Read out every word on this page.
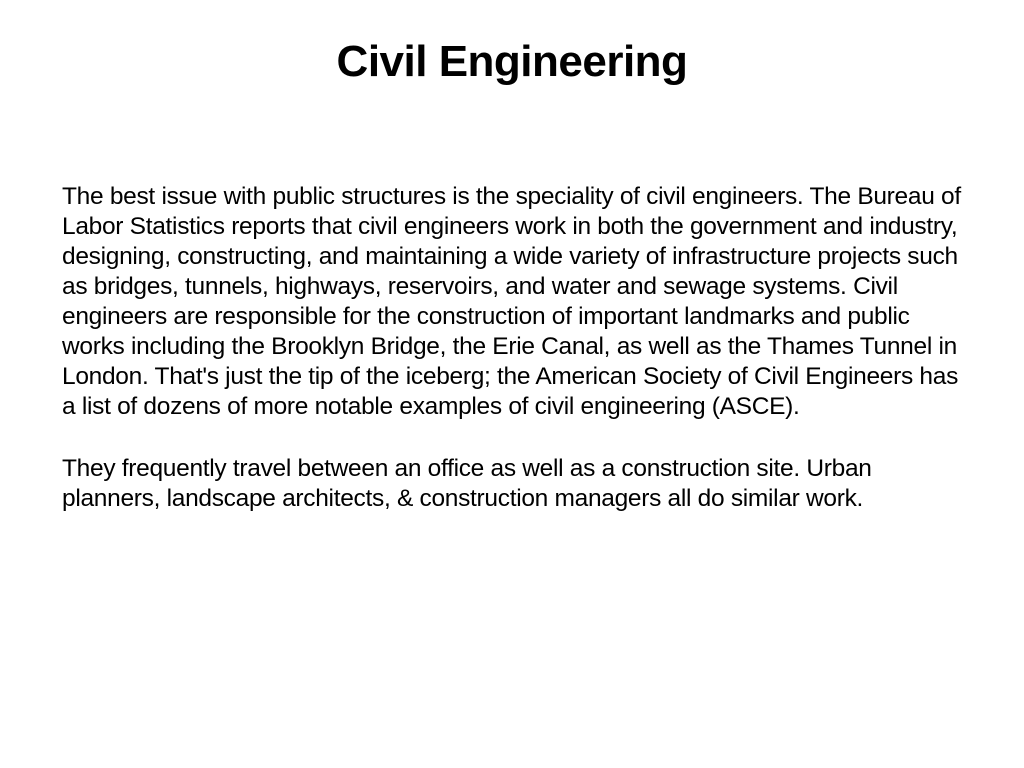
Civil Engineering

The best issue with public structures is the speciality of civil engineers. The Bureau of Labor Statistics reports that civil engineers work in both the government and industry, designing, constructing, and maintaining a wide variety of infrastructure projects such as bridges, tunnels, highways, reservoirs, and water and sewage systems. Civil engineers are responsible for the construction of important landmarks and public works including the Brooklyn Bridge, the Erie Canal, as well as the Thames Tunnel in London. That's just the tip of the iceberg; the American Society of Civil Engineers has a list of dozens of more notable examples of civil engineering (ASCE).

They frequently travel between an office as well as a construction site. Urban planners, landscape architects, & construction managers all do similar work.
